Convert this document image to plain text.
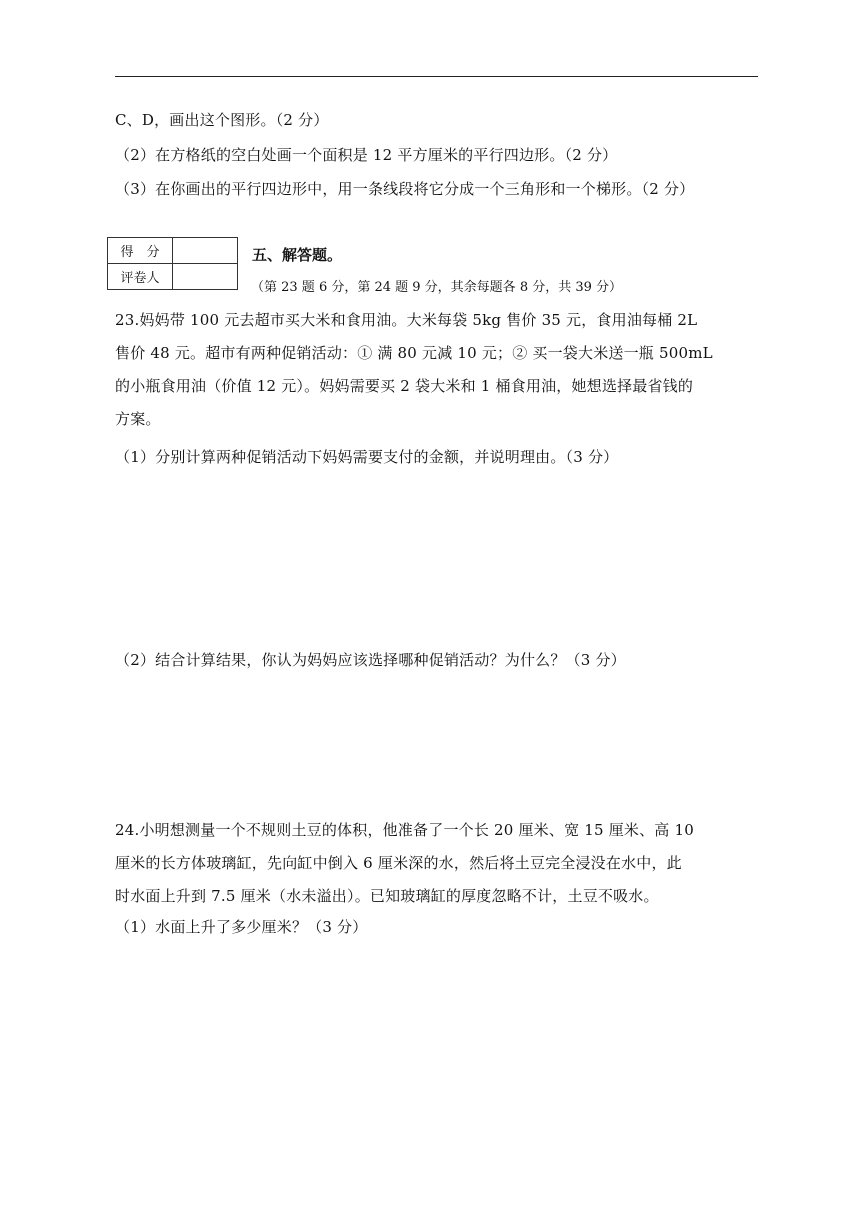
C、D，画出这个图形。（2 分）
（2）在方格纸的空白处画一个面积是 12 平方厘米的平行四边形。（2 分）
（3）在你画出的平行四边形中，用一条线段将它分成一个三角形和一个梯形。（2 分）
得　分	
评卷人	
五、解答题。
（第 23 题 6 分，第 24 题 9 分，其余每题各 8 分，共 39 分）
23.妈妈带 100 元去超市买大米和食用油。大米每袋 5kg 售价 35 元，食用油每桶 2L
售价 48 元。超市有两种促销活动：① 满 80 元减 10 元；② 买一袋大米送一瓶 500mL
的小瓶食用油（价值 12 元）。妈妈需要买 2 袋大米和 1 桶食用油，她想选择最省钱的
方案。
（1）分别计算两种促销活动下妈妈需要支付的金额，并说明理由。（3 分）
（2）结合计算结果，你认为妈妈应该选择哪种促销活动？为什么？（3 分）
24.小明想测量一个不规则土豆的体积，他准备了一个长 20 厘米、宽 15 厘米、高 10
厘米的长方体玻璃缸，先向缸中倒入 6 厘米深的水，然后将土豆完全浸没在水中，此
时水面上升到 7.5 厘米（水未溢出）。已知玻璃缸的厚度忽略不计，土豆不吸水。
（1）水面上升了多少厘米？（3 分）
